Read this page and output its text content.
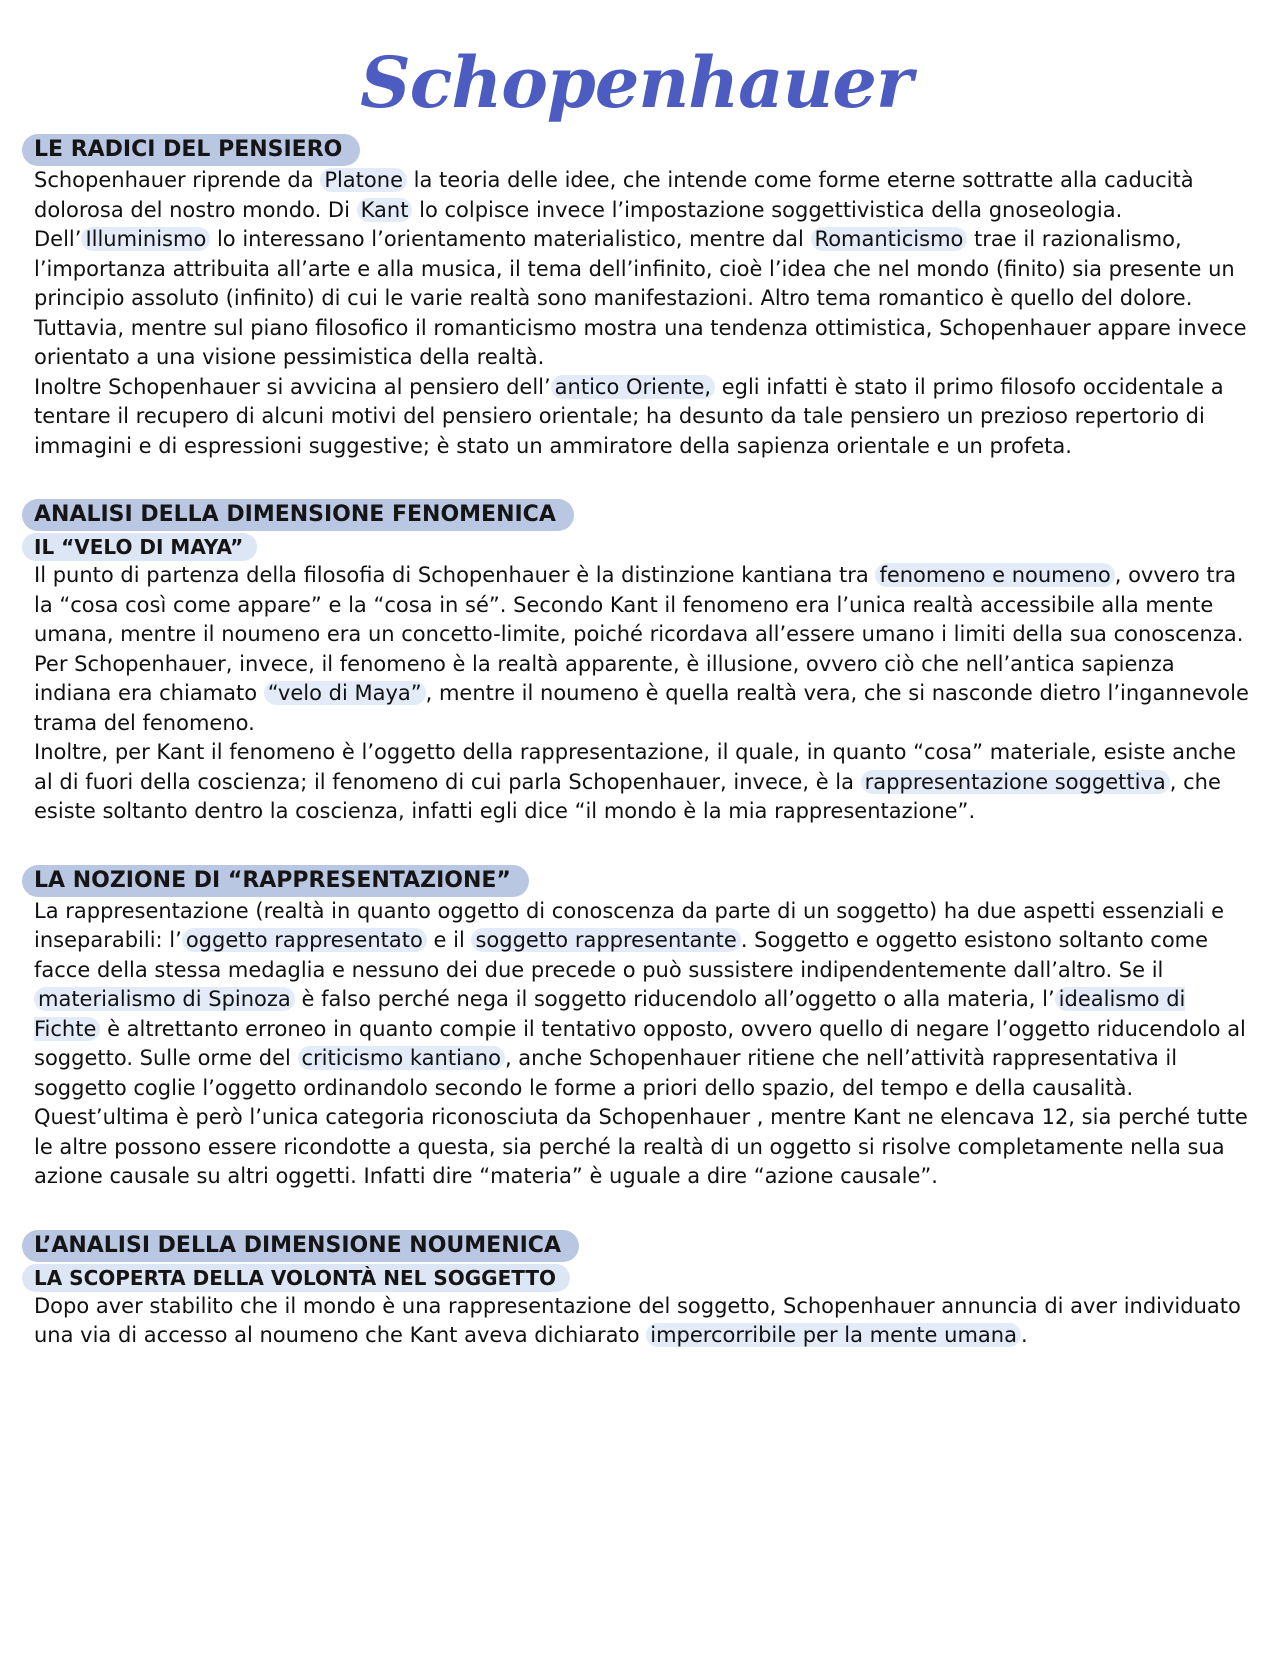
Schopenhauer
LE RADICI DEL PENSIERO

Schopenhauer riprende da Platone la teoria delle idee, che intende come forme eterne sottratte alla caducità dolorosa del nostro mondo. Di Kant lo colpisce invece l’impostazione soggettivistica della gnoseologia. Dell’ Illuminismo lo interessano l’orientamento materialistico, mentre dal Romanticismo trae il razionalismo, l’importanza attribuita all’arte e alla musica, il tema dell’infinito, cioè l’idea che nel mondo (finito) sia presente un principio assoluto (infinito) di cui le varie realtà sono manifestazioni. Altro tema romantico è quello del dolore. Tuttavia, mentre sul piano filosofico il romanticismo mostra una tendenza ottimistica, Schopenhauer appare invece orientato a una visione pessimistica della realtà.

Inoltre Schopenhauer si avvicina al pensiero dell’ antico Oriente, egli infatti è stato il primo filosofo occidentale a tentare il recupero di alcuni motivi del pensiero orientale; ha desunto da tale pensiero un prezioso repertorio di immagini e di espressioni suggestive; è stato un ammiratore della sapienza orientale e un profeta.

ANALISI DELLA DIMENSIONE FENOMENICA
IL “VELO DI MAYA”

Il punto di partenza della filosofia di Schopenhauer è la distinzione kantiana tra fenomeno e noumeno , ovvero tra la “cosa così come appare” e la “cosa in sé”. Secondo Kant il fenomeno era l’unica realtà accessibile alla mente umana, mentre il noumeno era un concetto-limite, poiché ricordava all’essere umano i limiti della sua conoscenza. Per Schopenhauer, invece, il fenomeno è la realtà apparente, è illusione, ovvero ciò che nell’antica sapienza indiana era chiamato “velo di Maya” , mentre il noumeno è quella realtà vera, che si nasconde dietro l’ingannevole trama del fenomeno.

Inoltre, per Kant il fenomeno è l’oggetto della rappresentazione, il quale, in quanto “cosa” materiale, esiste anche al di fuori della coscienza; il fenomeno di cui parla Schopenhauer, invece, è la rappresentazione soggettiva , che esiste soltanto dentro la coscienza, infatti egli dice “il mondo è la mia rappresentazione”.

LA NOZIONE DI “RAPPRESENTAZIONE”

La rappresentazione (realtà in quanto oggetto di conoscenza da parte di un soggetto) ha due aspetti essenziali e inseparabili: l’ oggetto rappresentato e il soggetto rappresentante . Soggetto e oggetto esistono soltanto come facce della stessa medaglia e nessuno dei due precede o può sussistere indipendentemente dall’altro. Se il materialismo di Spinoza è falso perché nega il soggetto riducendolo all’oggetto o alla materia, l’ idealismo di Fichte è altrettanto erroneo in quanto compie il tentativo opposto, ovvero quello di negare l’oggetto riducendolo al soggetto. Sulle orme del criticismo kantiano , anche Schopenhauer ritiene che nell’attività rappresentativa il soggetto coglie l’oggetto ordinandolo secondo le forme a priori dello spazio, del tempo e della causalità. Quest’ultima è però l’unica categoria riconosciuta da Schopenhauer , mentre Kant ne elencava 12, sia perché tutte le altre possono essere ricondotte a questa, sia perché la realtà di un oggetto si risolve completamente nella sua azione causale su altri oggetti. Infatti dire “materia” è uguale a dire “azione causale”.

L’ANALISI DELLA DIMENSIONE NOUMENICA
LA SCOPERTA DELLA VOLONTÀ NEL SOGGETTO

Dopo aver stabilito che il mondo è una rappresentazione del soggetto, Schopenhauer annuncia di aver individuato una via di accesso al noumeno che Kant aveva dichiarato impercorribile per la mente umana .
